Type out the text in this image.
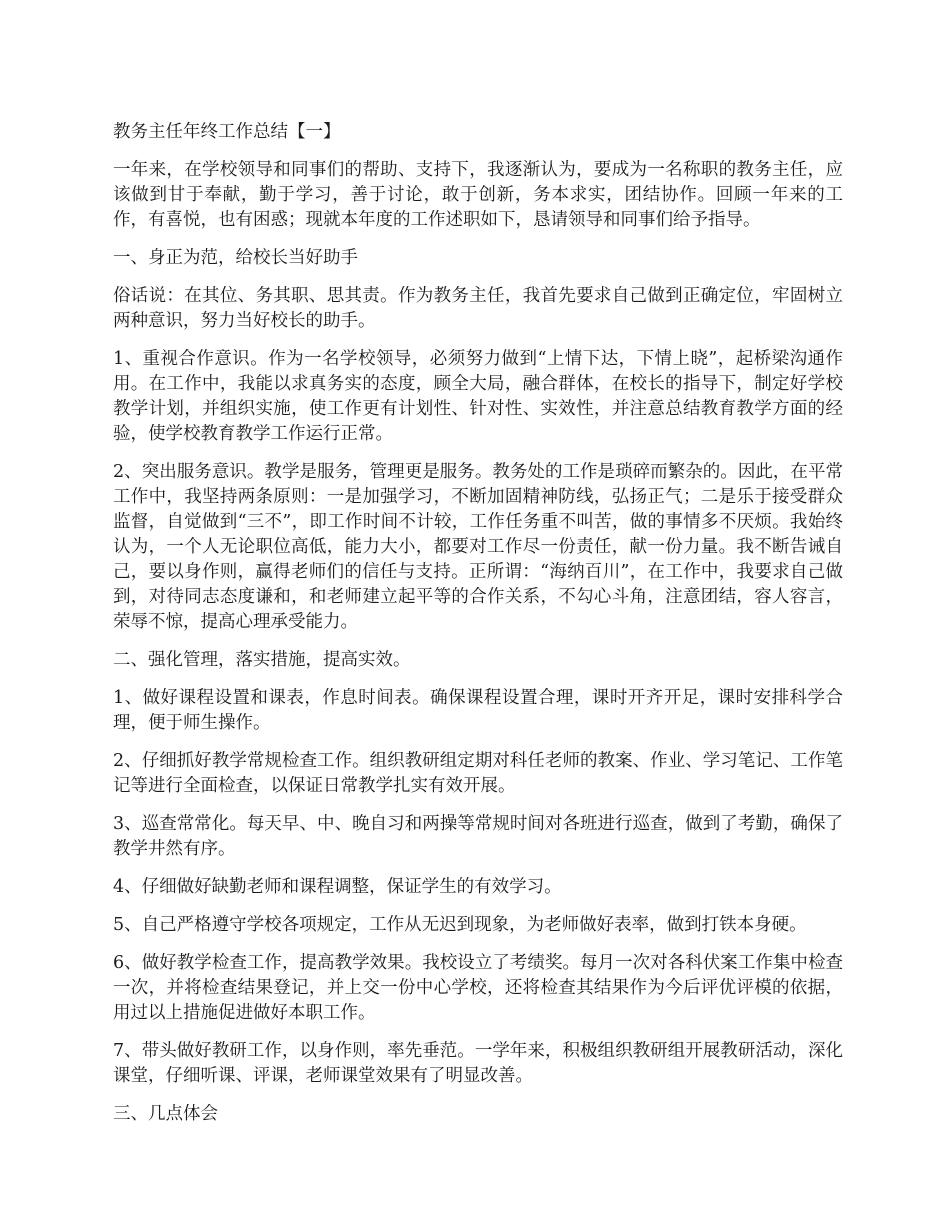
教务主任年终工作总结【一】

一年来，在学校领导和同事们的帮助、支持下，我逐渐认为，要成为一名称职的教务主任，应该做到甘于奉献，勤于学习，善于讨论，敢于创新，务本求实，团结协作。回顾一年来的工作，有喜悦，也有困惑；现就本年度的工作述职如下，恳请领导和同事们给予指导。

一、身正为范，给校长当好助手

俗话说：在其位、务其职、思其责。作为教务主任，我首先要求自己做到正确定位，牢固树立两种意识，努力当好校长的助手。

1、重视合作意识。作为一名学校领导，必须努力做到“上情下达，下情上晓”，起桥梁沟通作用。在工作中，我能以求真务实的态度，顾全大局，融合群体，在校长的指导下，制定好学校教学计划，并组织实施，使工作更有计划性、针对性、实效性，并注意总结教育教学方面的经验，使学校教育教学工作运行正常。

2、突出服务意识。教学是服务，管理更是服务。教务处的工作是琐碎而繁杂的。因此，在平常工作中，我坚持两条原则：一是加强学习，不断加固精神防线，弘扬正气；二是乐于接受群众监督，自觉做到“三不”，即工作时间不计较，工作任务重不叫苦，做的事情多不厌烦。我始终认为，一个人无论职位高低，能力大小，都要对工作尽一份责任，献一份力量。我不断告诫自己，要以身作则，赢得老师们的信任与支持。正所谓：“海纳百川”，在工作中，我要求自己做到，对待同志态度谦和，和老师建立起平等的合作关系，不勾心斗角，注意团结，容人容言，荣辱不惊，提高心理承受能力。

二、强化管理，落实措施，提高实效。

1、做好课程设置和课表，作息时间表。确保课程设置合理，课时开齐开足，课时安排科学合理，便于师生操作。

2、仔细抓好教学常规检查工作。组织教研组定期对科任老师的教案、作业、学习笔记、工作笔记等进行全面检查，以保证日常教学扎实有效开展。

3、巡查常常化。每天早、中、晚自习和两操等常规时间对各班进行巡查，做到了考勤，确保了教学井然有序。

4、仔细做好缺勤老师和课程调整，保证学生的有效学习。

5、自己严格遵守学校各项规定，工作从无迟到现象，为老师做好表率，做到打铁本身硬。

6、做好教学检查工作，提高教学效果。我校设立了考绩奖。每月一次对各科伏案工作集中检查一次，并将检查结果登记，并上交一份中心学校，还将检查其结果作为今后评优评模的依据，用过以上措施促进做好本职工作。

7、带头做好教研工作，以身作则，率先垂范。一学年来，积极组织教研组开展教研活动，深化课堂，仔细听课、评课，老师课堂效果有了明显改善。

三、几点体会
